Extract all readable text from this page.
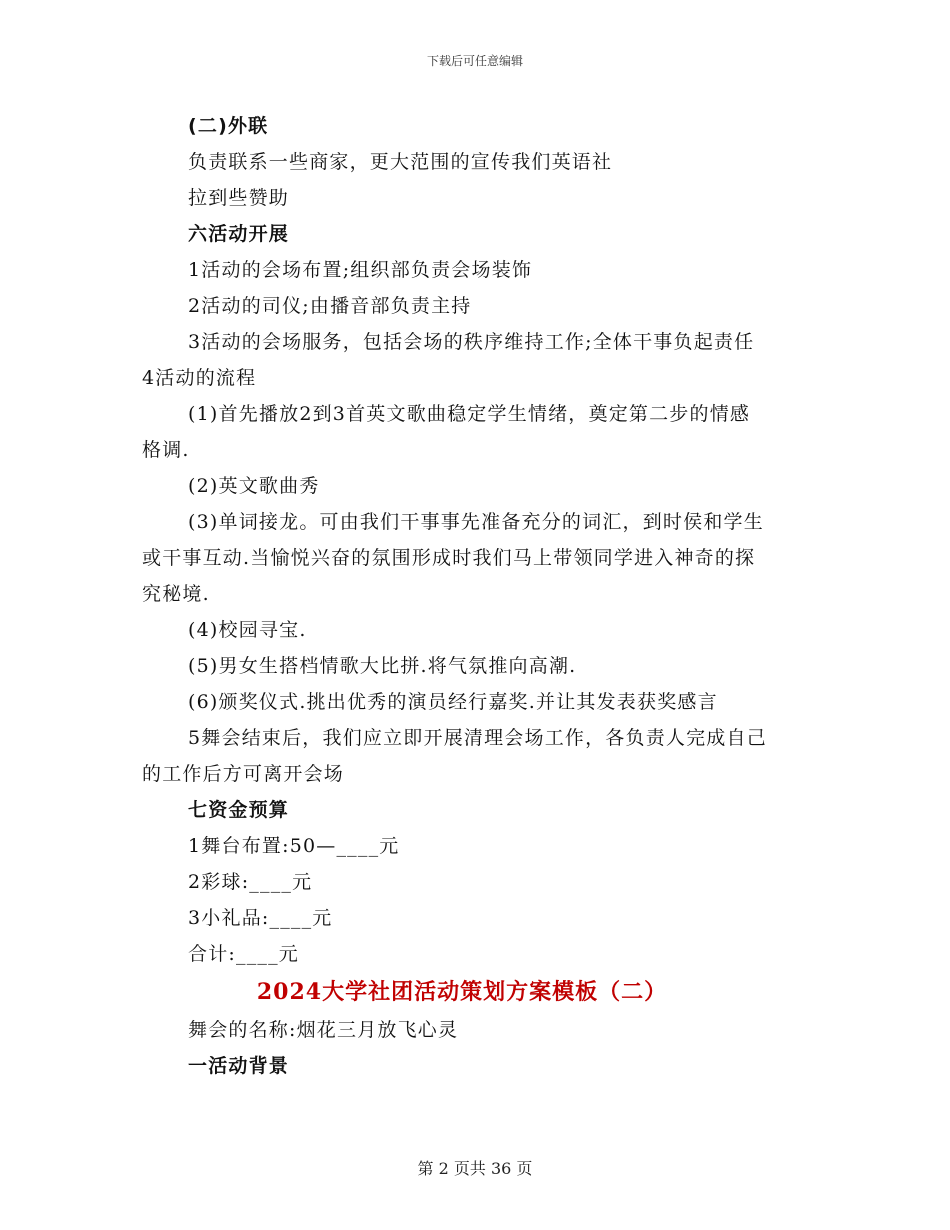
下载后可任意编辑
(二)外联
负责联系一些商家，更大范围的宣传我们英语社
拉到些赞助
六活动开展
1活动的会场布置;组织部负责会场装饰
2活动的司仪;由播音部负责主持
3活动的会场服务，包括会场的秩序维持工作;全体干事负起责任
4活动的流程
(1)首先播放2到3首英文歌曲稳定学生情绪，奠定第二步的情感
格调.
(2)英文歌曲秀
(3)单词接龙。可由我们干事事先准备充分的词汇，到时侯和学生
或干事互动.当愉悦兴奋的氛围形成时我们马上带领同学进入神奇的探
究秘境.
(4)校园寻宝.
(5)男女生搭档情歌大比拼.将气氛推向高潮.
(6)颁奖仪式.挑出优秀的演员经行嘉奖.并让其发表获奖感言
5舞会结束后，我们应立即开展清理会场工作，各负责人完成自己
的工作后方可离开会场
七资金预算
1舞台布置:50—____元
2彩球:____元
3小礼品:____元
合计:____元
2024大学社团活动策划方案模板（二）
舞会的名称:烟花三月放飞心灵
一活动背景
第 2 页共 36 页
